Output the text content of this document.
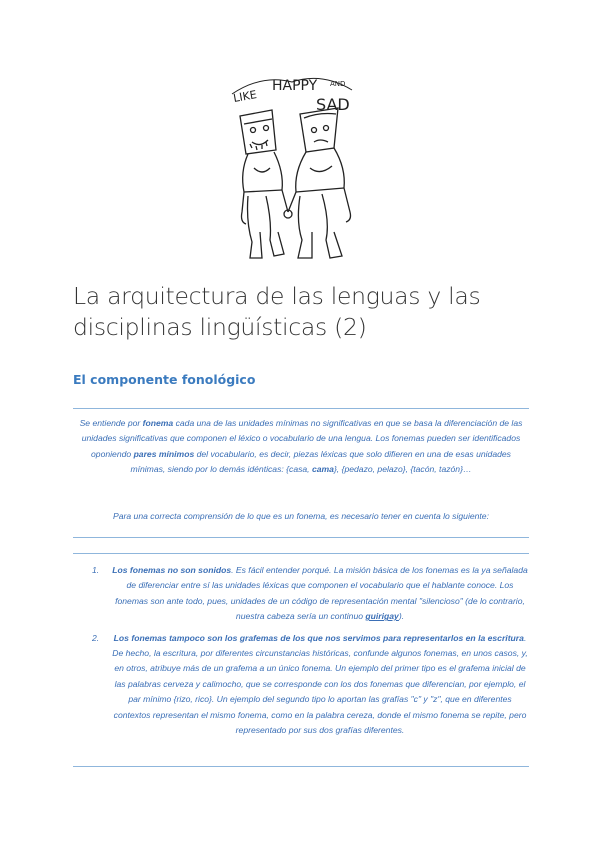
LIKE
HAPPY AND
SAD
La arquitectura de las lenguas y las disciplinas lingüísticas (2)
El componente fonológico
Se entiende por fonema cada una de las unidades mínimas no significativas en que se basa la diferenciación de las unidades significativas que componen el léxico o vocabulario de una lengua. Los fonemas pueden ser identificados oponiendo pares mínimos del vocabulario, es decir, piezas léxicas que solo difieren en una de esas unidades mínimas, siendo por lo demás idénticas: {casa, cama}, {pedazo, pelazo}, {tacón, tazón}…
Para una correcta comprensión de lo que es un fonema, es necesario tener en cuenta lo siguiente:
1. Los fonemas no son sonidos. Es fácil entender porqué. La misión básica de los fonemas es la ya señalada de diferenciar entre sí las unidades léxicas que componen el vocabulario que el hablante conoce. Los fonemas son ante todo, pues, unidades de un código de representación mental "silencioso" (de lo contrario, nuestra cabeza sería un continuo guirigay).
2. Los fonemas tampoco son los grafemas de los que nos servimos para representarlos en la escritura. De hecho, la escritura, por diferentes circunstancias históricas, confunde algunos fonemas, en unos casos, y, en otros, atribuye más de un grafema a un único fonema. Un ejemplo del primer tipo es el grafema inicial de las palabras cerveza y calimocho, que se corresponde con los dos fonemas que diferencian, por ejemplo, el par mínimo {rizo, rico}. Un ejemplo del segundo tipo lo aportan las grafías "c" y "z", que en diferentes contextos representan el mismo fonema, como en la palabra cereza, donde el mismo fonema se repite, pero representado por sus dos grafías diferentes.
